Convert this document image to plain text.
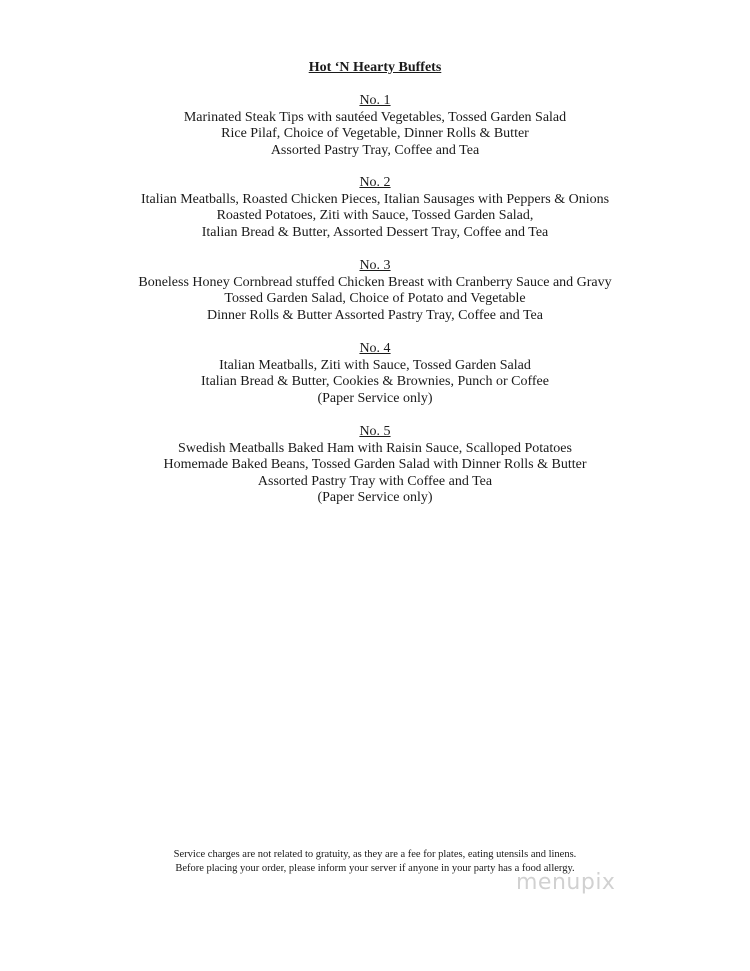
Hot ‘N Hearty Buffets
No. 1
Marinated Steak Tips with sautéed Vegetables, Tossed Garden Salad
Rice Pilaf, Choice of Vegetable, Dinner Rolls & Butter
Assorted Pastry Tray, Coffee and Tea
No. 2
Italian Meatballs, Roasted Chicken Pieces, Italian Sausages with Peppers & Onions
Roasted Potatoes, Ziti with Sauce, Tossed Garden Salad,
Italian Bread & Butter, Assorted Dessert Tray, Coffee and Tea
No. 3
Boneless Honey Cornbread stuffed Chicken Breast with Cranberry Sauce and Gravy
Tossed Garden Salad, Choice of Potato and Vegetable
Dinner Rolls & Butter Assorted Pastry Tray, Coffee and Tea
No. 4
Italian Meatballs, Ziti with Sauce, Tossed Garden Salad
Italian Bread & Butter, Cookies & Brownies, Punch or Coffee
(Paper Service only)
No. 5
Swedish Meatballs Baked Ham with Raisin Sauce, Scalloped Potatoes
Homemade Baked Beans, Tossed Garden Salad with Dinner Rolls & Butter
Assorted Pastry Tray with Coffee and Tea
(Paper Service only)
Service charges are not related to gratuity, as they are a fee for plates, eating utensils and linens.
Before placing your order, please inform your server if anyone in your party has a food allergy.
menupix
